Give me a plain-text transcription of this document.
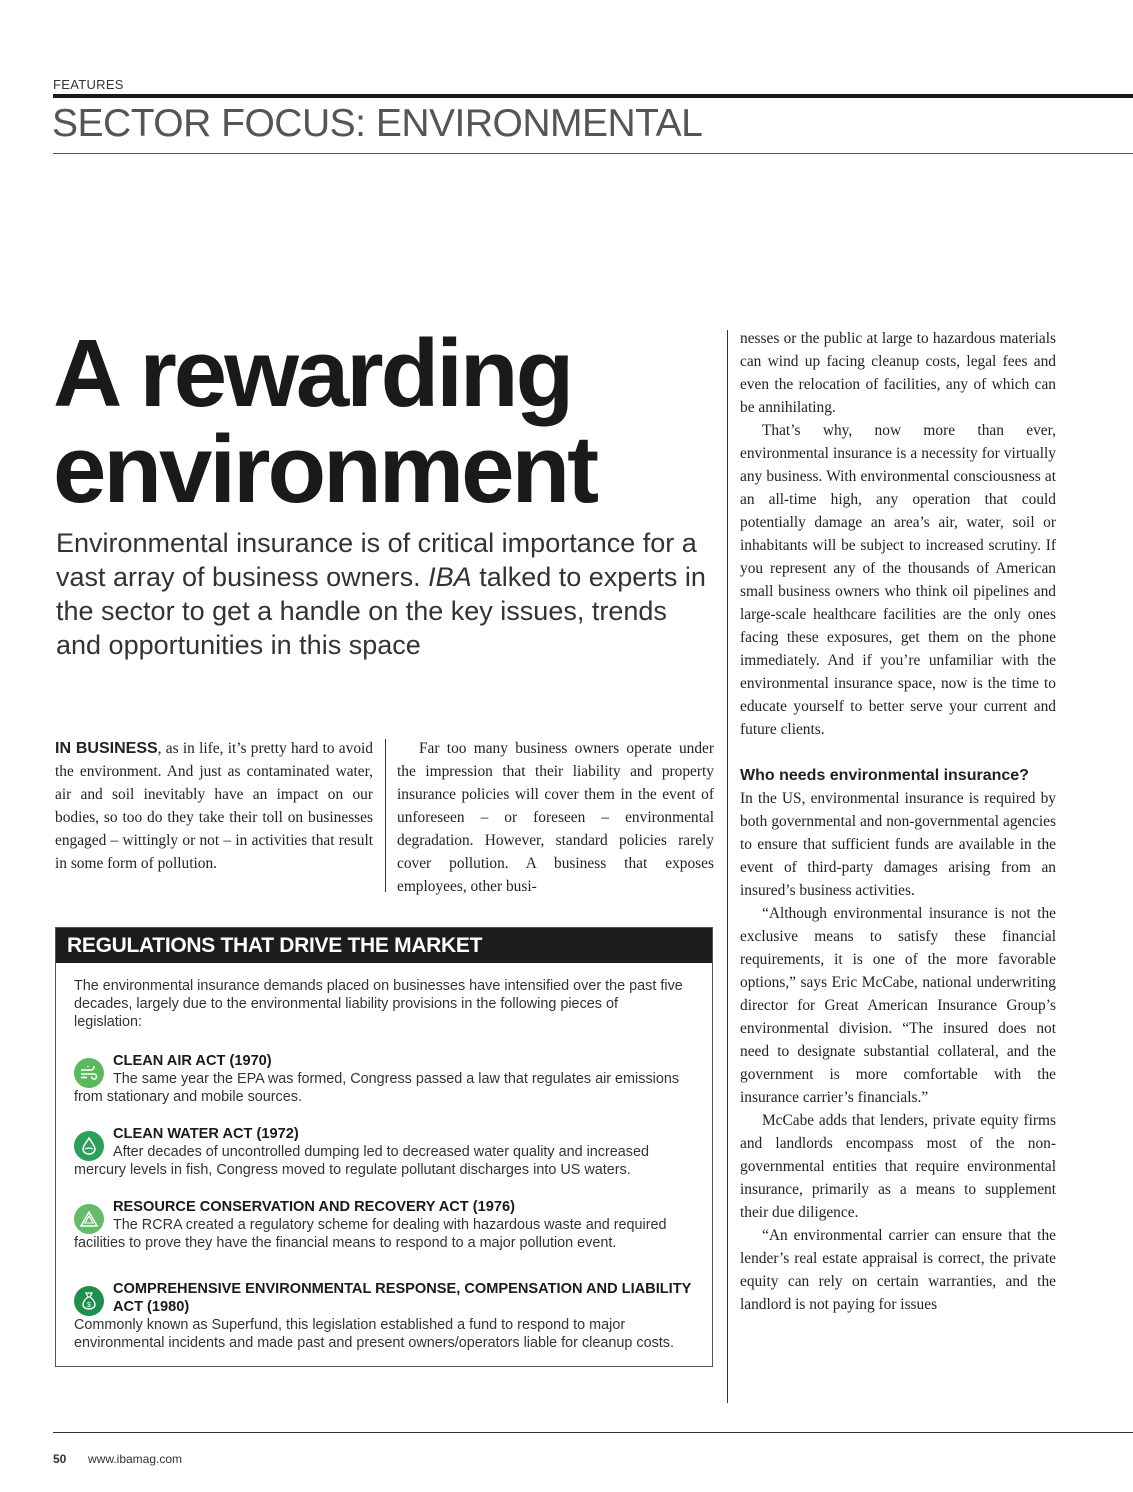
FEATURES
SECTOR FOCUS: ENVIRONMENTAL
A rewarding
environment
Environmental insurance is of critical importance for a vast array of business owners. IBA talked to experts in the sector to get a handle on the key issues, trends and opportunities in this space

IN BUSINESS, as in life, it’s pretty hard to avoid the environment. And just as contaminated water, air and soil inevitably have an impact on our bodies, so too do they take their toll on businesses engaged – wittingly or not – in activities that result in some form of pollution.

Far too many business owners operate under the impression that their liability and property insurance policies will cover them in the event of unforeseen – or foreseen – environmental degradation. However, standard policies rarely cover pollution. A business that exposes employees, other busi-

nesses or the public at large to hazardous materials can wind up facing cleanup costs, legal fees and even the relocation of facilities, any of which can be annihilating.

That’s why, now more than ever, environmental insurance is a necessity for virtually any business. With environmental consciousness at an all-time high, any operation that could potentially damage an area’s air, water, soil or inhabitants will be subject to increased scrutiny. If you represent any of the thousands of American small business owners who think oil pipelines and large-scale healthcare facilities are the only ones facing these exposures, get them on the phone immediately. And if you’re unfamiliar with the environmental insurance space, now is the time to educate yourself to better serve your current and future clients.

Who needs environmental insurance?

In the US, environmental insurance is required by both governmental and non-governmental agencies to ensure that sufficient funds are available in the event of third-party damages arising from an insured’s business activities.

“Although environmental insurance is not the exclusive means to satisfy these financial requirements, it is one of the more favorable options,” says Eric McCabe, national underwriting director for Great American Insurance Group’s environmental division. “The insured does not need to designate substantial collateral, and the government is more comfortable with the insurance carrier’s financials.”

McCabe adds that lenders, private equity firms and landlords encompass most of the non-governmental entities that require environmental insurance, primarily as a means to supplement their due diligence.

“An environmental carrier can ensure that the lender’s real estate appraisal is correct, the private equity can rely on certain warranties, and the landlord is not paying for issues

REGULATIONS THAT DRIVE THE MARKET
The environmental insurance demands placed on businesses have intensified over the past five decades, largely due to the environmental liability provisions in the following pieces of legislation:
CLEAN AIR ACT (1970)
The same year the EPA was formed, Congress passed a law that regulates air emissions from stationary and mobile sources.
CLEAN WATER ACT (1972)
After decades of uncontrolled dumping led to decreased water quality and increased mercury levels in fish, Congress moved to regulate pollutant discharges into US waters.
RESOURCE CONSERVATION AND RECOVERY ACT (1976)
The RCRA created a regulatory scheme for dealing with hazardous waste and required facilities to prove they have the financial means to respond to a major pollution event.
$
COMPREHENSIVE ENVIRONMENTAL RESPONSE, COMPENSATION AND LIABILITY ACT (1980)
Commonly known as Superfund, this legislation established a fund to respond to major environmental incidents and made past and present owners/operators liable for cleanup costs.
50 www.ibamag.com
